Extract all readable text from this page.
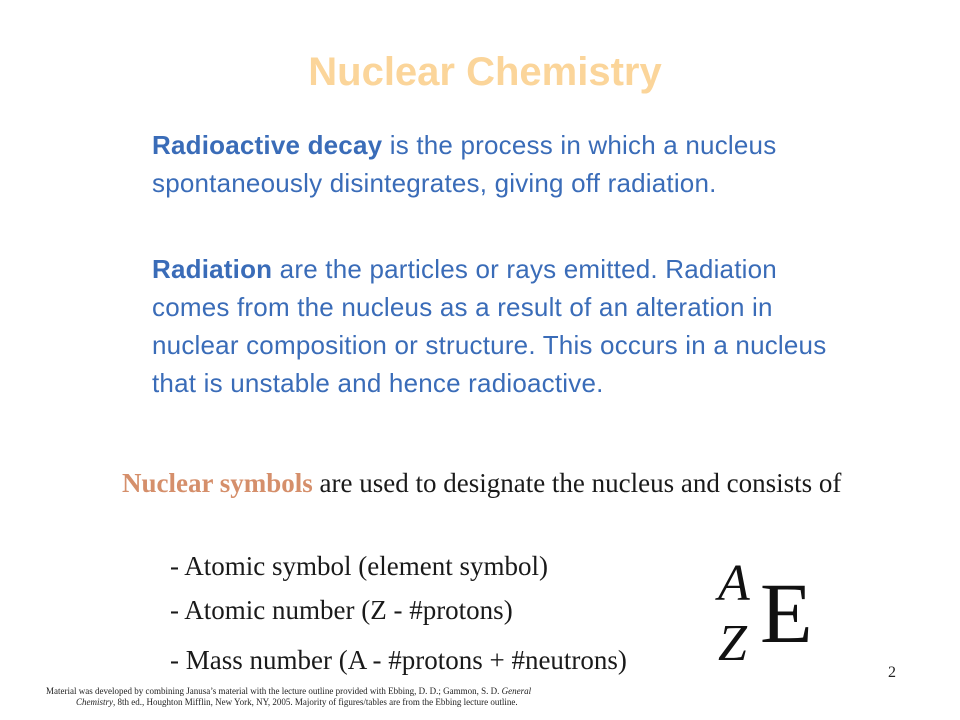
Nuclear Chemistry
Radioactive decay is the process in which a nucleus spontaneously disintegrates, giving off radiation.
Radiation are the particles or rays emitted. Radiation comes from the nucleus as a result of an alteration in nuclear composition or structure. This occurs in a nucleus that is unstable and hence radioactive.
Nuclear symbols are used to designate the nucleus and consists of
- Atomic symbol (element symbol)
- Atomic number (Z - #protons)
- Mass number (A - #protons + #neutrons)
A
Z E
2
Material was developed by combining Janusa’s material with the lecture outline provided with Ebbing, D. D.; Gammon, S. D. General
Chemistry, 8th ed., Houghton Mifflin, New York, NY, 2005. Majority of figures/tables are from the Ebbing lecture outline.
